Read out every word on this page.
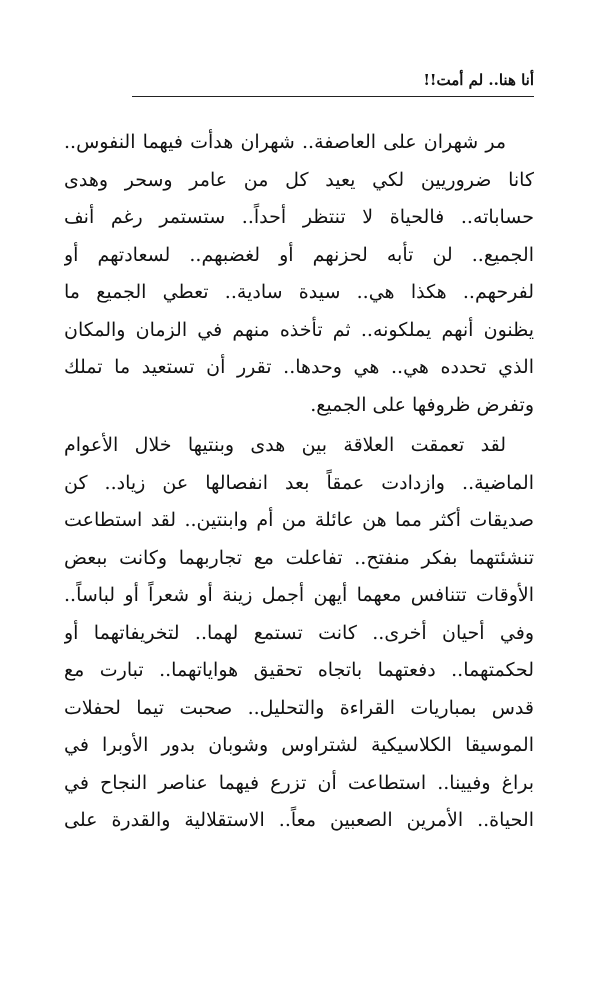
أنا هنا.. لم أمت!!
مر شهران على العاصفة.. شهران هدأت فيهما النفوس..
كانا ضروريين لكي يعيد كل من عامر وسحر وهدى
حساباته.. فالحياة لا تنتظر أحداً.. ستستمر رغم أنف
الجميع.. لن تأبه لحزنهم أو لغضبهم.. لسعادتهم أو
لفرحهم.. هكذا هي.. سيدة سادية.. تعطي الجميع ما
يظنون أنهم يملكونه.. ثم تأخذه منهم في الزمان والمكان
الذي تحدده هي.. هي وحدها.. تقرر أن تستعيد ما تملك
وتفرض ظروفها على الجميع.
لقد تعمقت العلاقة بين هدى وبنتيها خلال الأعوام
الماضية.. وازدادت عمقاً بعد انفصالها عن زياد.. كن
صديقات أكثر مما هن عائلة من أم وابنتين.. لقد استطاعت
تنشئتهما بفكر منفتح.. تفاعلت مع تجاربهما وكانت ببعض
الأوقات تتنافس معهما أيهن أجمل زينة أو شعراً أو لباساً..
وفي أحيان أخرى.. كانت تستمع لهما.. لتخريفاتهما أو
لحكمتهما.. دفعتهما باتجاه تحقيق هواياتهما.. تبارت مع
قدس بمباريات القراءة والتحليل.. صحبت تيما لحفلات
الموسيقا الكلاسيكية لشتراوس وشوبان بدور الأوبرا في
براغ وفيينا.. استطاعت أن تزرع فيهما عناصر النجاح في
الحياة.. الأمرين الصعبين معاً.. الاستقلالية والقدرة على
